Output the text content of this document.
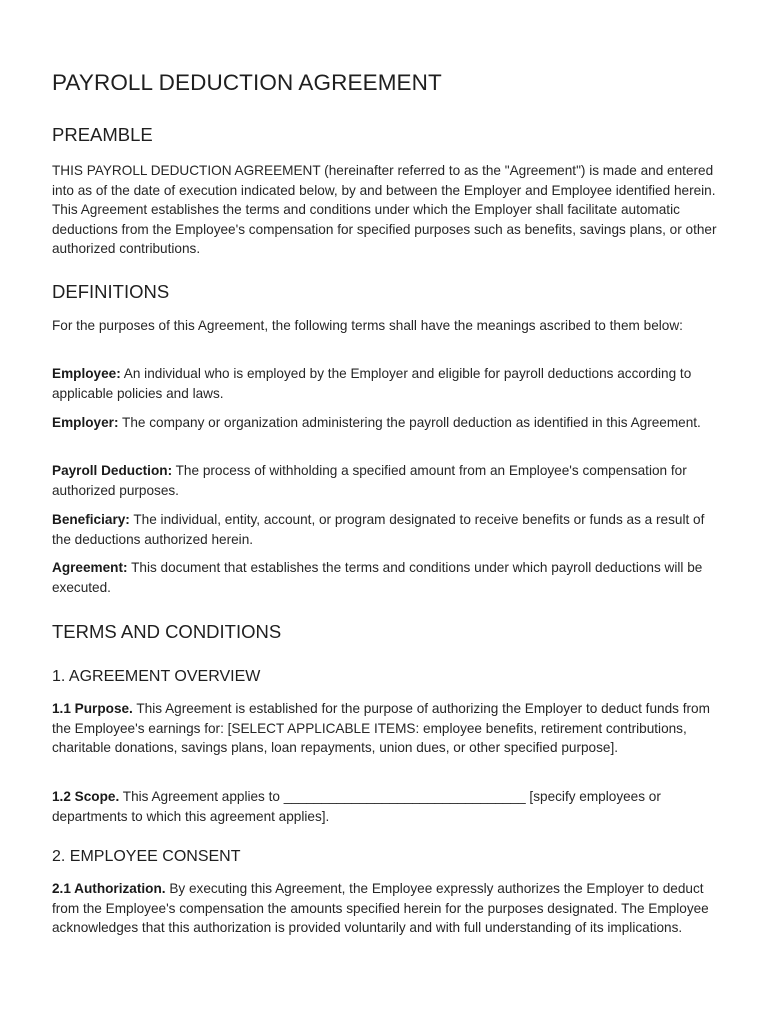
PAYROLL DEDUCTION AGREEMENT
PREAMBLE

THIS PAYROLL DEDUCTION AGREEMENT (hereinafter referred to as the "Agreement") is made and entered into as of the date of execution indicated below, by and between the Employer and Employee identified herein. This Agreement establishes the terms and conditions under which the Employer shall facilitate automatic deductions from the Employee's compensation for specified purposes such as benefits, savings plans, or other authorized contributions.

DEFINITIONS

For the purposes of this Agreement, the following terms shall have the meanings ascribed to them below:

Employee: An individual who is employed by the Employer and eligible for payroll deductions according to applicable policies and laws.

Employer: The company or organization administering the payroll deduction as identified in this Agreement.

Payroll Deduction: The process of withholding a specified amount from an Employee's compensation for authorized purposes.

Beneficiary: The individual, entity, account, or program designated to receive benefits or funds as a result of the deductions authorized herein.

Agreement: This document that establishes the terms and conditions under which payroll deductions will be executed.

TERMS AND CONDITIONS
1. AGREEMENT OVERVIEW

1.1 Purpose. This Agreement is established for the purpose of authorizing the Employer to deduct funds from the Employee's earnings for: [SELECT APPLICABLE ITEMS: employee benefits, retirement contributions, charitable donations, savings plans, loan repayments, union dues, or other specified purpose].

1.2 Scope. This Agreement applies to ________________________________ [specify employees or departments to which this agreement applies].

2. EMPLOYEE CONSENT

2.1 Authorization. By executing this Agreement, the Employee expressly authorizes the Employer to deduct from the Employee's compensation the amounts specified herein for the purposes designated. The Employee acknowledges that this authorization is provided voluntarily and with full understanding of its implications.
